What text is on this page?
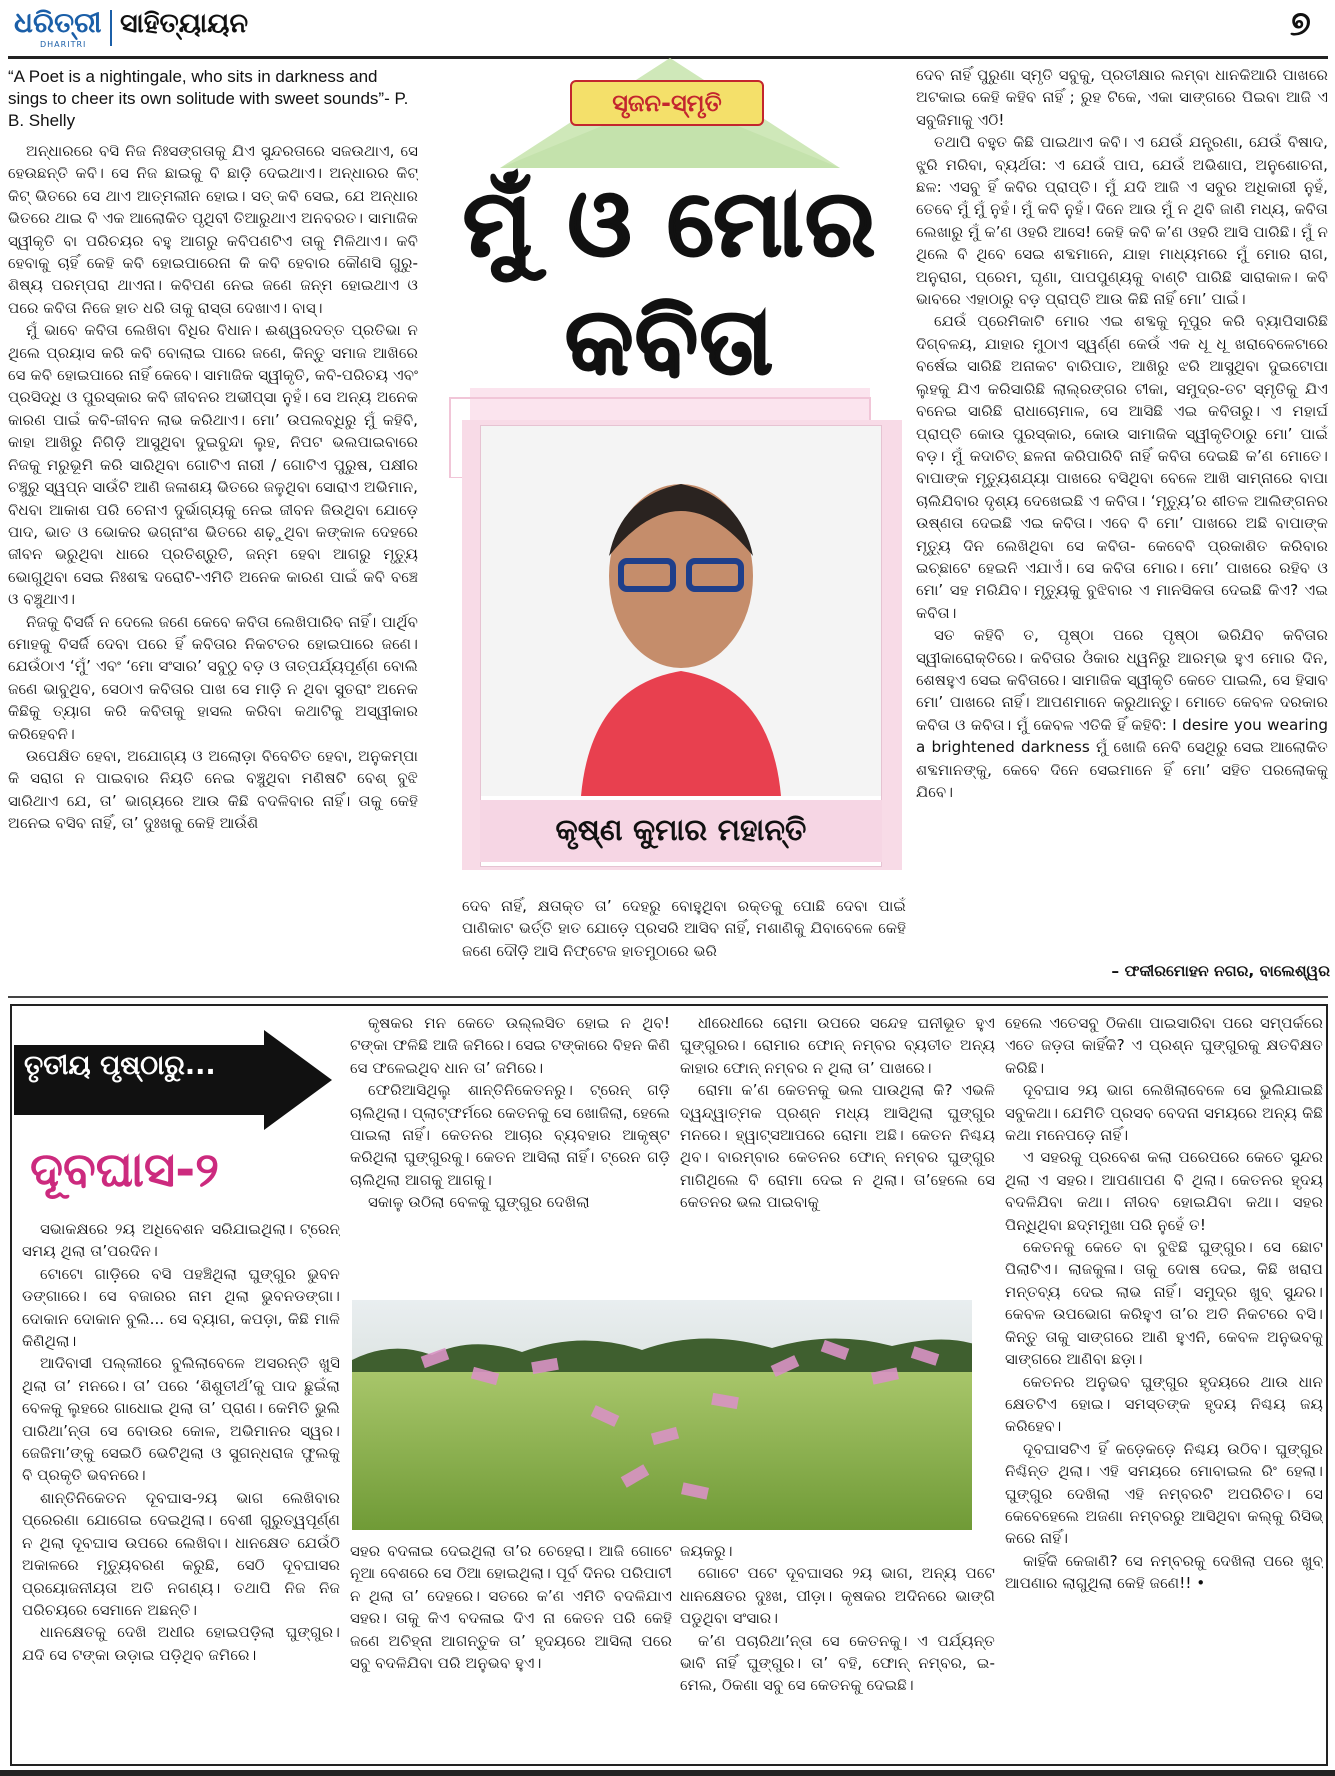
ଧରିତ୍ରୀ
DHARITRI
ସାହିତ୍ୟାୟନ	୭
“A Poet is a nightingale, who sits in darkness and sings to cheer its own solitude with sweet sounds”- P. B. Shelly

ଅନ୍ଧାରରେ ବସି ନିଜ ନିଃସଙ୍ଗତାକୁ ଯିଏ ସୁନ୍ଦରତାରେ ସଜଉଥାଏ, ସେ ହେଉଛନ୍ତି କବି। ସେ ନିଜ ଛାଇକୁ ବି ଛାଡ଼ି ଦେଇଥାଏ। ଅନ୍ଧାରର କିଟ୍ କିଟ୍ ଭିତରେ ସେ ଥାଏ ଆତ୍ମଲୀନ ହୋଇ। ସତ୍ କବି ସେଇ, ଯେ ଅନ୍ଧାର ଭିତରେ ଥାଇ ବି ଏକ ଆଲୋକିତ ପୃଥିବୀ ତିଆରୁଥାଏ ଅନବରତ। ସାମାଜିକ ସ୍ୱୀକୃତି ବା ପରିଚୟର ବହୁ ଆଗରୁ କବିପଣଟିଏ ତାକୁ ମିଳିଥାଏ। କବି ହେବାକୁ ଚାହିଁ କେହି କବି ହୋଇପାରେନା କି କବି ହେବାର କୌଣସି ଗୁରୁ-ଶିଷ୍ୟ ପରମ୍ପରା ଥାଏନା। କବିପଣ ନେଇ ଜଣେ ଜନ୍ମ ହୋଇଥାଏ ଓ ପରେ କବିତା ନିଜେ ହାତ ଧରି ତାକୁ ରାସ୍ତା ଦେଖାଏ। ବାସ୍।

ମୁଁ ଭାବେ କବିତା ଲେଖିବା ବିଧିର ବିଧାନ। ଈଶ୍ୱରଦତ୍ତ ପ୍ରତିଭା ନ ଥିଲେ ପ୍ରୟାସ କରି କବି ବୋଲାଇ ପାରେ ଜଣେ, କିନ୍ତୁ ସମାଜ ଆଖିରେ ସେ କବି ହୋଇପାରେ ନାହିଁ କେବେ। ସାମାଜିକ ସ୍ୱୀକୃତି, କବି-ପରିଚୟ ଏବଂ ପ୍ରସିଦ୍ଧି ଓ ପୁରସ୍କାର କବି ଜୀବନର ଅଭୀପ୍ସା ନୁହଁ। ସେ ଅନ୍ୟ ଅନେକ କାରଣ ପାଇଁ କବି-ଜୀବନ ଲାଭ କରିଥାଏ। ମୋ’ ଉପଲବ୍ଧିରୁ ମୁଁ କହିବି, କାହା ଆଖିରୁ ନିଗିଡ଼ି ଆସୁଥିବା ଦୁଇବୁନ୍ଦା ଲୁହ, ନିପଟ ଭଲପାଇବାରେ ନିଜକୁ ମରୁଭୂମି କରି ସାରିଥିବା ଗୋଟିଏ ନାରୀ / ଗୋଟିଏ ପୁରୁଷ, ପକ୍ଷୀର ଚଞ୍ଚୁରୁ ସ୍ୱପ୍ନ ସାଉଁଟି ଆଣି ଜଳାଶୟ ଭିତରେ ଜଳୁଥିବା ସୋରାଏ ଅଭିମାନ, ବିଧବା ଆକାଶ ପରି ଚେନାଏ ଦୁର୍ଭାଗ୍ୟକୁ ନେଇ ଜୀବନ ଜିଉଥିବା ଯୋଡ଼େ ପାଦ, ଭାତ ଓ ଭୋକର ଭଗ୍ନାଂଶ ଭିତରେ ଶଢ଼ୁଥିବା କଙ୍କାଳ ଦେହରେ ଜୀବନ ଭରୁଥିବା ଧାରେ ପ୍ରତିଶ୍ରୁତି, ଜନ୍ମ ହେବା ଆଗରୁ ମୃତ୍ୟୁ ଭୋଗୁଥିବା ସେଇ ନିଃଶବ୍ଦ ଦରୋଟି-ଏମିତି ଅନେକ କାରଣ ପାଇଁ କବି ବଞ୍ଚେ ଓ ବଞ୍ଚୁଥାଏ।

ନିଜକୁ ବିସର୍ଜି ନ ଦେଲେ ଜଣେ କେବେ କବିତା ଲେଖିପାରିବ ନାହିଁ। ପାର୍ଥିବ ମୋହକୁ ବିସର୍ଜି ଦେବା ପରେ ହିଁ କବିତାର ନିକଟତର ହୋଇପାରେ ଜଣେ। ଯେଉଁଠାଏ ‘ମୁଁ’ ଏବଂ ‘ମୋ ସଂସାର’ ସବୁଠୁ ବଡ଼ ଓ ତାତ୍ପର୍ଯ୍ୟପୂର୍ଣ୍ଣ ବୋଲି ଜଣେ ଭାବୁଥିବ, ସେଠାଏ କବିତାର ପାଖ ସେ ମାଡ଼ି ନ ଥିବା ସୁତରାଂ ଅନେକ କିଛିକୁ ତ୍ୟାଗ କରି କବିତାକୁ ହାସଲ କରିବା କଥାଟିକୁ ଅସ୍ୱୀକାର କରିହେବନି।

ଉପେକ୍ଷିତ ହେବା, ଅଯୋଗ୍ୟ ଓ ଅଲୋଡ଼ା ବିବେଚିତ ହେବା, ଅନୁକମ୍ପା କି ସରାଗ ନ ପାଇବାର ନିୟତି ନେଇ ବଞ୍ଚୁଥିବା ମଣିଷଟି ବେଶ୍ ବୁଝି ସାରିଥାଏ ଯେ, ତା’ ଭାଗ୍ୟରେ ଆଉ କିଛି ବଦଳିବାର ନାହିଁ। ତାକୁ କେହି ଅନେଇ ବସିବ ନାହିଁ, ତା’ ଦୁଃଖକୁ କେହି ଆଉଁଶି

ସୃଜନ-ସ୍ମୃତି
ମୁଁ ଓ ମୋର
କବିତା
କୃଷ୍ଣ କୁମାର ମହାନ୍ତି

ଦେବ ନାହିଁ, କ୍ଷତାକ୍ତ ତା’ ଦେହରୁ ବୋହୁଥିବା ରକ୍ତକୁ ପୋଛି ଦେବା ପାଇଁ ପାଣିକାଟ ଭର୍ତ୍ତି ହାତ ଯୋଡ଼େ ପ୍ରସରି ଆସିବ ନାହିଁ, ମଶାଣିକୁ ଯିବାବେଳେ କେହି ଜଣେ ଦୌଡ଼ି ଆସି ନିଫ୍ଟେଜ ହାତମୁଠାରେ ଭରି

ଦେବ ନାହିଁ ପୁରୁଣା ସ୍ମୃତି ସବୁକୁ, ପ୍ରତୀକ୍ଷାର ଲମ୍ବା ଧାନକିଆରି ପାଖରେ ଅଟକାଇ କେହି କହିବ ନାହିଁ ; ରୁହ ଟିକେ, ଏକା ସାଙ୍ଗରେ ପିଇବା ଆଜି ଏ ସବୁଜିମାକୁ ଏଠି!

ତଥାପି ବହୁତ କିଛି ପାଇଥାଏ କବି। ଏ ଯେଉଁ ଯନ୍ତ୍ରଣା, ଯେଉଁ ବିଷାଦ, ଝୁରି ମରିବା, ବ୍ୟର୍ଥତା: ଏ ଯେଉଁ ପାପ, ଯେଉଁ ଅଭିଶାପ, ଅନୁଶୋଚନା, ଛଳ: ଏସବୁ ହିଁ କବିର ପ୍ରାପ୍ତି। ମୁଁ ଯଦି ଆଜି ଏ ସବୁର ଅଧିକାରୀ ନୁହଁ, ତେବେ ମୁଁ ମୁଁ ନୁହଁ। ମୁଁ କବି ନୁହଁ। ଦିନେ ଆଉ ମୁଁ ନ ଥିବି ଜାଣି ମଧ୍ୟ, କବିତା ଲେଖାରୁ ମୁଁ କ’ଣ ଓହରି ଆସେ! କେହି କବି କ’ଣ ଓହରି ଆସି ପାରିଛି। ମୁଁ ନ ଥିଲେ ବି ଥିବେ ସେଇ ଶବ୍ଦମାନେ, ଯାହା ମାଧ୍ୟମରେ ମୁଁ ମୋର ରାଗ, ଅନୁରାଗ, ପ୍ରେମ, ଘୃଣା, ପାପପୁଣ୍ୟକୁ ବାଣ୍ଟି ପାରିଛି ସାରାକାଳ। କବି ଭାବରେ ଏହାଠାରୁ ବଡ଼ ପ୍ରାପ୍ତି ଆଉ କିଛି ନାହିଁ ମୋ’ ପାଇଁ।

ଯେଉଁ ପ୍ରେମିକାଟି ମୋର ଏଇ ଶବ୍ଦକୁ ନୂପୁର କରି ବ୍ୟାପିସାରିଛି ଦିଗ୍‌ବଳୟ, ଯାହାର ମୁଠାଏ ସ୍ୱର୍ଣ୍ଣ କେଉଁ ଏକ ଧୂ ଧୂ ଖରାବେଳେଟାରେ ବର୍ଷେଇ ସାରିଛି ଅନାକଟ ବାରିପାତ, ଆଖିରୁ ଝରି ଆସୁଥିବା ଦୁଇଟୋପା ଲୁହକୁ ଯିଏ କରିସାରିଛି ଲାଲ୍‌ରଙ୍ଗର ଟୀକା, ସମୁଦ୍ର-ତଟ ସ୍ମୃତିକୁ ଯିଏ ବନେଇ ସାରିଛି ରାଧାଚୋମାଳ, ସେ ଆସିଛି ଏଇ କବିତାରୁ। ଏ ମହାର୍ଘ ପ୍ରାପ୍ତି କୋଉ ପୁରସ୍କାର, କୋଉ ସାମାଜିକ ସ୍ୱୀକୃତିଠାରୁ ମୋ’ ପାଇଁ ବଡ଼। ମୁଁ କଦାଚିତ୍ ଛଳନା କରିପାରିବି ନାହିଁ କବିତା ଦେଇଛି କ’ଣ ମୋତେ। ବାପାଙ୍କ ମୃତ୍ୟୁଶଯ୍ୟା ପାଖରେ ବସିଥିବା ବେଳେ ଆଖି ସାମ୍ନାରେ ବାପା ଚାଲିଯିବାର ଦୃଶ୍ୟ ଦେଖେଇଛି ଏ କବିତା। ‘ମୃତ୍ୟୁ’ର ଶୀତଳ ଆଲିଙ୍ଗନର ଉଷ୍ଣତା ଦେଇଛି ଏଇ କବିତା। ଏବେ ବି ମୋ’ ପାଖରେ ଅଛି ବାପାଙ୍କ ମୃତ୍ୟୁ ଦିନ ଲେଖିଥିବା ସେ କବିତା- କେବେବି ପ୍ରକାଶିତ କରିବାର ଇଚ୍ଛାଟେ ହେଇନି ଏଯାଏଁ। ସେ କବିତା ମୋର। ମୋ’ ପାଖରେ ରହିବ ଓ ମୋ’ ସହ ମରିଯିବ। ମୃତ୍ୟୁକୁ ବୁଝିବାର ଏ ମାନସିକତା ଦେଇଛି କିଏ? ଏଇ କବିତା।

ସତ କହିବି ତ, ପୃଷ୍ଠା ପରେ ପୃଷ୍ଠା ଭରିଯିବ କବିତାର ସ୍ୱୀକାରୋକ୍ତିରେ। କବିତାର ଓଁକାର ଧ୍ୱନିରୁ ଆରମ୍ଭ ହୁଏ ମୋର ଦିନ, ଶେଷହୁଏ ସେଇ କବିତାରେ। ସାମାଜିକ ସ୍ୱୀକୃତି କେତେ ପାଇଲି, ସେ ହିସାବ ମୋ’ ପାଖରେ ନାହିଁ। ଆପଣମାନେ କରୁଥାନ୍ତୁ। ମୋତେ କେବଳ ଦରକାର କବିତା ଓ କବିତା। ମୁଁ କେବଳ ଏତିକି ହିଁ କହିବି: I desire you wearing a brightened darkness ମୁଁ ଖୋଜି ନେବି ସେଥିରୁ ସେଇ ଆଲୋକିତ ଶବ୍ଦମାନଙ୍କୁ, କେବେ ଦିନେ ସେଇମାନେ ହିଁ ମୋ’ ସହିତ ପରଲୋକକୁ ଯିବେ।

– ଫକୀରମୋହନ ନଗର, ବାଲେଶ୍ୱର
ତୃତୀୟ ପୃଷ୍ଠାରୁ...
ଦୂବଘାସ-୨

ସଭାକକ୍ଷରେ ୨ୟ ଅଧିବେଶନ ସରିଯାଇଥିଲା। ଟ୍ରେନ୍ ସମୟ ଥିଲା ତା’ପରଦିନ।

ଟୋଟୋ ଗାଡ଼ିରେ ବସି ପହଞ୍ଚିଥିଲା ଘୁଙ୍ଗୁର ଭୁବନ ଡଙ୍ଗାରେ। ସେ ବଜାରର ନାମ ଥିଲା ଭୁବନଡଙ୍ଗା। ଦୋକାନ ଦୋକାନ ବୁଲି... ସେ ବ୍ୟାଗ, କପଡ଼ା, କିଛି ମାଳି କିଣିଥିଲା।

ଆଦିବାସୀ ପଲ୍ଲୀରେ ବୁଲିଲାବେଳେ ଅସରନ୍ତି ଖୁସି ଥିଲା ତା’ ମନରେ। ତା’ ପରେ ‘ଶିଶୁତୀର୍ଥ’କୁ ପାଦ ଛୁଇଁଲା ବେଳକୁ ଲୁହରେ ଗାଧୋଇ ଥିଲା ତା’ ପ୍ରାଣ। କେମିତି ଭୁଲି ପାରିଥା’ନ୍ତା ସେ ବୋଉର କୋଳ, ଅଭିମାନର ସ୍ୱର। ଜେଜିମା’ଙ୍କୁ ସେଇଠି ଭେଟିଥିଲା ଓ ସୁଗନ୍ଧରାଜ ଫୁଲକୁ ବି ପ୍ରକୃତି ଭବନରେ।

ଶାନ୍ତିନିକେତନ ଦୂବଘାସ-୨ୟ ଭାଗ ଲେଖିବାର ପ୍ରେରଣା ଯୋଗେଇ ଦେଇଥିଲା। ବେଶୀ ଗୁରୁତ୍ୱପୂର୍ଣ୍ଣ ନ ଥିଲା ଦୂବଘାସ ଉପରେ ଲେଖିବା। ଧାନକ୍ଷେତ ଯେଉଁଠି ଅକାଳରେ ମୃତ୍ୟୁବରଣ କରୁଛି, ସେଠି ଦୂବଘାସର ପ୍ରୟୋଜନୀୟତା ଅତି ନଗଣ୍ୟ। ତଥାପି ନିଜ ନିଜ ପରିଚୟରେ ସେମାନେ ଅଛନ୍ତି।

ଧାନକ୍ଷେତକୁ ଦେଖି ଅଧୀର ହୋଇପଡ଼ିଲା ଘୁଙ୍ଗୁର। ଯଦି ସେ ଟଙ୍କା ଉଡ଼ାଇ ପଡ଼ିଥିବ ଜମିରେ।

କୃଷକର ମନ କେତେ ଉଲ୍ଲସିତ ହୋଇ ନ ଥିବ! ଟଙ୍କା ଫଳିଛି ଆଜି ଜମିରେ। ସେଇ ଟଙ୍କାରେ ବିହନ କିଣି ସେ ଫଳେଇଥିବ ଧାନ ତା’ ଜମିରେ।

ଫେରିଆସିଥିଲୁ ଶାନ୍ତିନିକେତନରୁ। ଟ୍ରେନ୍ ଗଡ଼ି ଚାଲିଥିଲା। ପ୍ଲାଟ୍‌ଫର୍ମରେ କେତନକୁ ସେ ଖୋଜିଲା, ହେଲେ ପାଇଲା ନାହିଁ। କେତନର ଆଚାର ବ୍ୟବହାର ଆକୃଷ୍ଟ କରିଥିଲା ଘୁଙ୍ଗୁରକୁ। କେତନ ଆସିଲା ନାହିଁ। ଟ୍ରେନ ଗଡ଼ି ଚାଲିଥିଲା ଆଗକୁ ଆଗକୁ।

ସକାଳୁ ଉଠିଲା ବେଳକୁ ଘୁଙ୍ଗୁର ଦେଖିଲା

ଧୀରେଧୀରେ ରୋମା ଉପରେ ସନ୍ଦେହ ଘନୀଭୂତ ହୁଏ ଘୁଙ୍ଗୁରର। ରୋମାର ଫୋନ୍ ନମ୍ବର ବ୍ୟତୀତ ଅନ୍ୟ କାହାର ଫୋନ୍ ନମ୍ବର ନ ଥିଲା ତା’ ପାଖରେ।

ରୋମା କ’ଣ କେତନକୁ ଭଲ ପାଉଥିଲା କି? ଏଭଳି ଦ୍ୱନ୍ଦ୍ୱାତ୍ମକ ପ୍ରଶ୍ନ ମଧ୍ୟ ଆସିଥିଲା ଘୁଙ୍ଗୁର ମନରେ। ହ୍ୱାଟ୍‌ସଆପରେ ରୋମା ଅଛି। କେତନ ନିଶ୍ଚୟ ଥିବ। ବାରମ୍ବାର କେତନର ଫୋନ୍ ନମ୍ବର ଘୁଙ୍ଗୁର ମାଗିଥିଲେ ବି ରୋମା ଦେଇ ନ ଥିଲା। ତା’ହେଲେ ସେ କେତନର ଭଲ ପାଇବାକୁ

ସହର ବଦଳାଇ ଦେଇଥିଲା ତା’ର ଚେହେରା। ଆଜି ଗୋଟେ ନୂଆ ବେଶରେ ସେ ଠିଆ ହୋଇଥିଲା। ପୂର୍ବ ଦିନର ପରିପାଟୀ ନ ଥିଲା ତା’ ଦେହରେ। ସତରେ କ’ଣ ଏମିତି ବଦଳିଯାଏ ସହର। ତାକୁ କିଏ ବଦଳାଇ ଦିଏ ନା କେତନ ପରି କେହି ଜଣେ ଅଚିହ୍ନା ଆଗନ୍ତୁକ ତା’ ହୃଦୟରେ ଆସିଲା ପରେ ସବୁ ବଦଳିଯିବା ପରି ଅନୁଭବ ହୁଏ।

ଜୟକରୁ।

ଗୋଟେ ପଟେ ଦୂବଘାସର ୨ୟ ଭାଗ, ଅନ୍ୟ ପଟେ ଧାନକ୍ଷେତର ଦୁଃଖ, ପୀଡ଼ା। କୃଷକର ଅଦିନରେ ଭାଙ୍ଗି ପଡୁଥିବା ସଂସାର।

କ’ଣ ପଚାରିଥା’ନ୍ତା ସେ କେତନକୁ। ଏ ପର୍ଯ୍ୟନ୍ତ ଭାବି ନାହିଁ ଘୁଙ୍ଗୁର। ତା’ ବହି, ଫୋନ୍ ନମ୍ବର, ଇ-ମେଲ, ଠିକଣା ସବୁ ସେ କେତନକୁ ଦେଇଛି।

ହେଲେ ଏତେସବୁ ଠିକଣା ପାଇସାରିବା ପରେ ସମ୍ପର୍କରେ ଏତେ ଜଡ଼ତା କାହିଁକି? ଏ ପ୍ରଶ୍ନ ଘୁଙ୍ଗୁରକୁ କ୍ଷତବିକ୍ଷତ କରିଛି।

ଦୂବଘାସ ୨ୟ ଭାଗ ଲେଖିଲାବେଳେ ସେ ଭୁଲିଯାଇଛି ସବୁକଥା। ଯେମିତି ପ୍ରସବ ବେଦନା ସମୟରେ ଅନ୍ୟ କିଛି କଥା ମନେପଡ଼େ ନାହିଁ।

ଏ ସହରକୁ ପ୍ରବେଶ କଲା ପରେପରେ କେତେ ସୁନ୍ଦର ଥିଲା ଏ ସହର। ଆପଣାପଣ ବି ଥିଲା। କେତନର ହୃଦୟ ବଦଳିଯିବା କଥା। ନୀରବ ହୋଇଯିବା କଥା। ସହର ପିନ୍ଧିଥିବା ଛଦ୍ମମୁଖା ପରି ନୁହେଁ ତ!

କେତନକୁ କେତେ ବା ବୁଝିଛି ଘୁଙ୍ଗୁର। ସେ ଛୋଟ ପିଲାଟିଏ। ଲାଜକୁଳା। ତାକୁ ଦୋଷ ଦେଇ, କିଛି ଖରାପ ମନ୍ତବ୍ୟ ଦେଇ ଲାଭ ନାହିଁ। ସମୁଦ୍ର ଖୁବ୍ ସୁନ୍ଦର। କେବଳ ଉପଭୋଗ କରିହୁଏ ତା’ର ଅତି ନିକଟରେ ବସି। କିନ୍ତୁ ତାକୁ ସାଙ୍ଗରେ ଆଣି ହୁଏନି, କେବଳ ଅନୁଭବକୁ ସାଙ୍ଗରେ ଆଣିବା ଛଡ଼ା।

କେତନର ଅନୁଭବ ଘୁଙ୍ଗୁର ହୃଦୟରେ ଥାଉ ଧାନ କ୍ଷେତଟିଏ ହୋଇ। ସମସ୍ତଙ୍କ ହୃଦୟ ନିଶ୍ଚୟ ଜୟ କରିହେବ।

ଦୂବଘାସଟିଏ ହିଁ କଡ଼େକଡ଼େ ନିଶ୍ଚୟ ଉଠିବ। ଘୁଙ୍ଗୁର ନିଶ୍ଚିନ୍ତ ଥିଲା। ଏହି ସମୟରେ ମୋବାଇଲ ରିଂ ହେଲା। ଘୁଙ୍ଗୁର ଦେଖିଲା ଏହି ନମ୍ବରଟି ଅପରିଚିତ। ସେ କେବେହେଲେ ଅଜଣା ନମ୍ବରରୁ ଆସିଥିବା କଲ୍‌କୁ ରିସିଭ୍ କରେ ନାହିଁ।

କାହିଁକି କେଜାଣି? ସେ ନମ୍ବରକୁ ଦେଖିଲା ପରେ ଖୁବ୍ ଆପଣାର ଲାଗୁଥିଲା କେହି ଜଣେ!! •
